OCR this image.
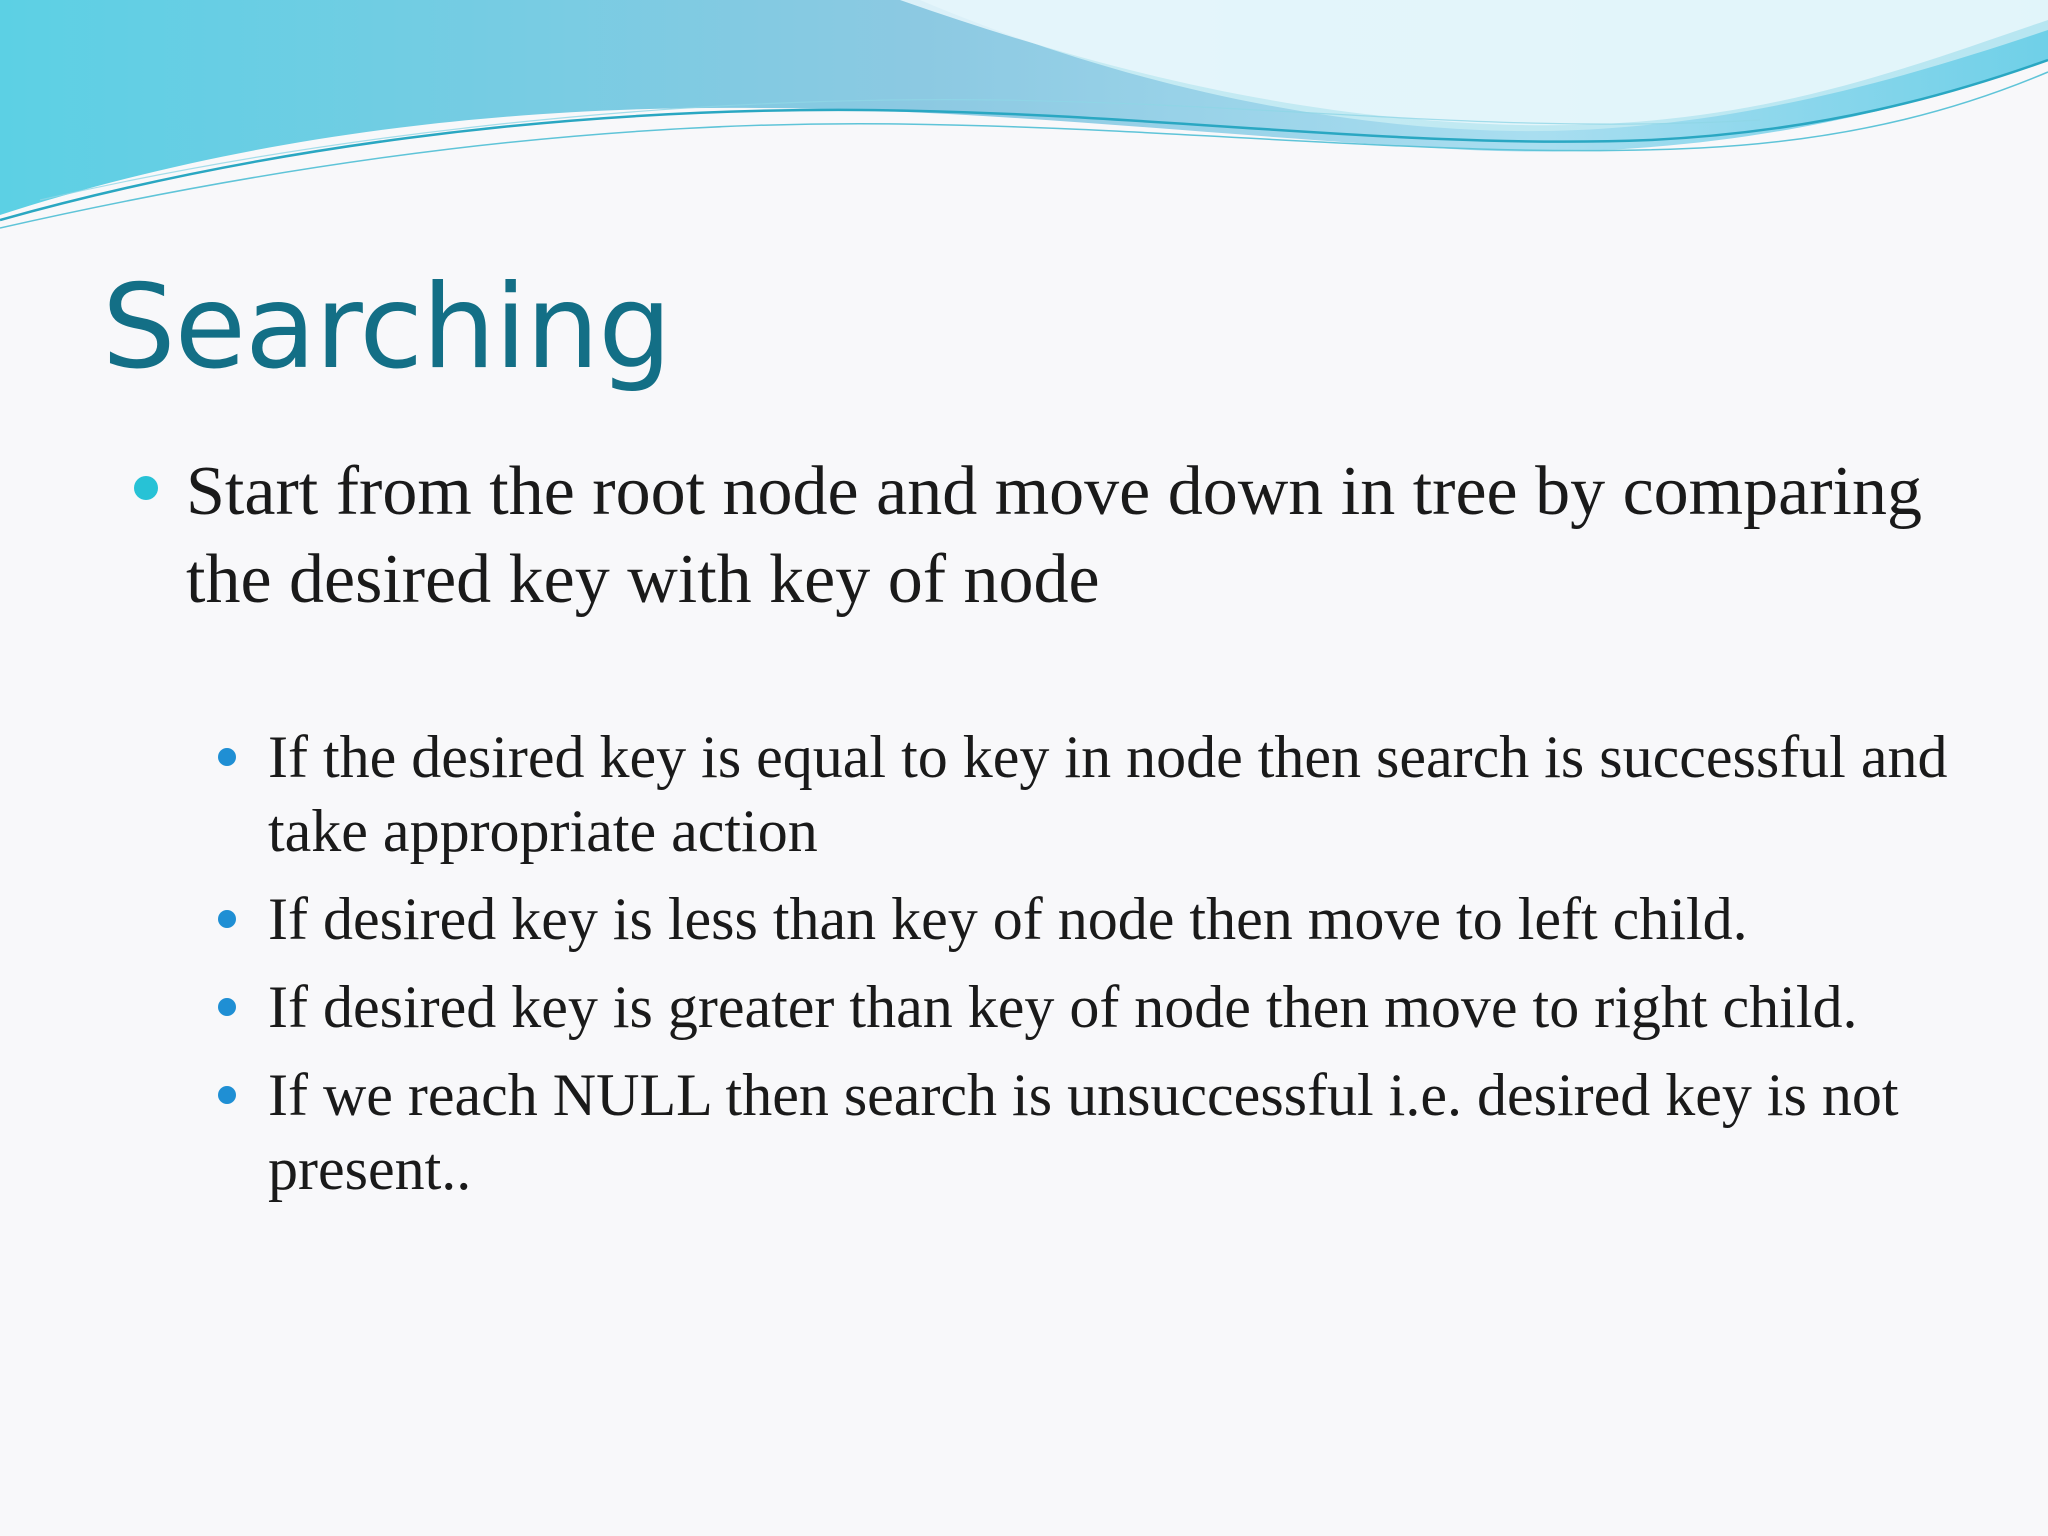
Searching
Start from the root node and move down in tree by comparing the desired key with key of node
If the desired key is equal to key in node then search is successful and take appropriate action
If desired key is less than key of node then move to left child.
If desired key is greater than key of node then move to right child.
If we reach NULL then search is unsuccessful i.e. desired key is not present..
